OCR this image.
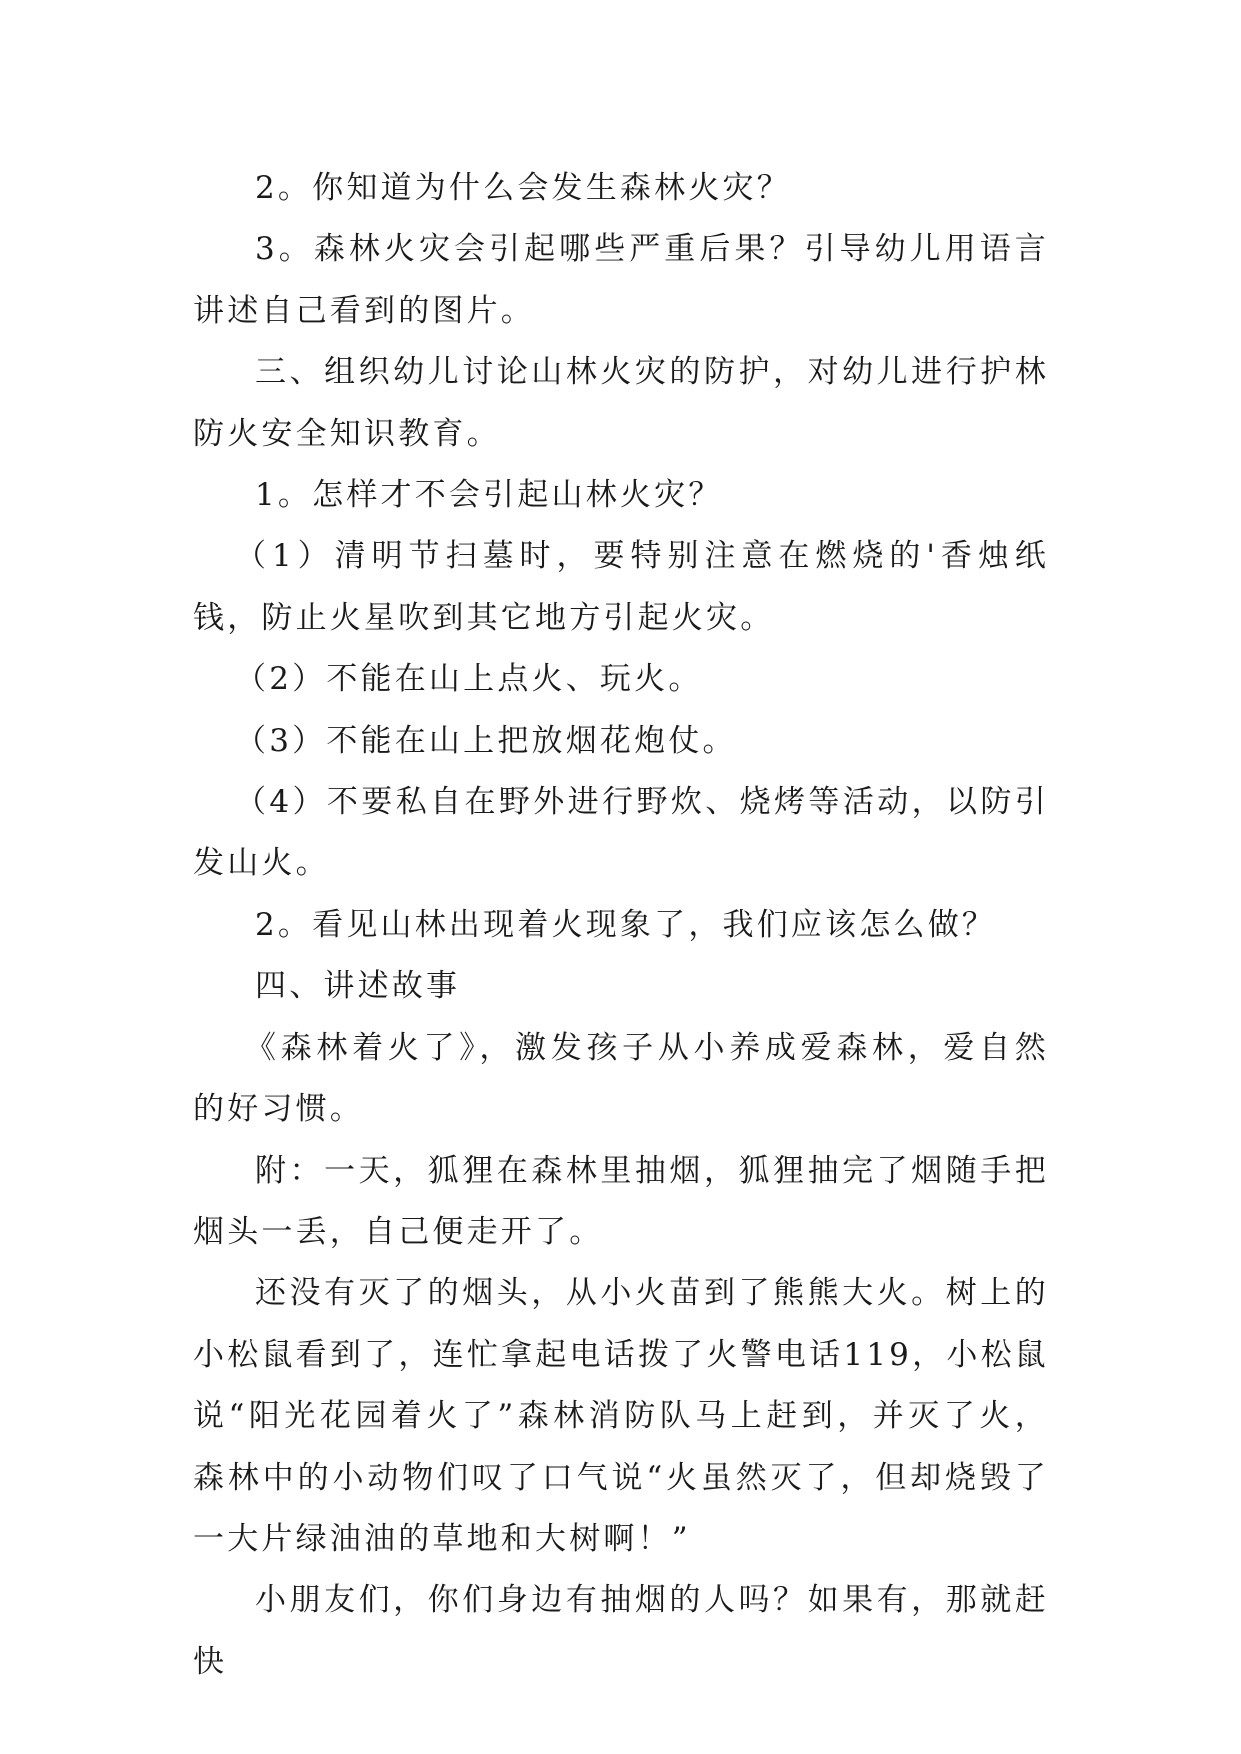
2。你知道为什么会发生森林火灾？

3。森林火灾会引起哪些严重后果？引导幼儿用语言讲述自己看到的图片。

三、组织幼儿讨论山林火灾的防护，对幼儿进行护林防火安全知识教育。

1。怎样才不会引起山林火灾？

（1）清明节扫墓时，要特别注意在燃烧的'香烛纸钱，防止火星吹到其它地方引起火灾。

（2）不能在山上点火、玩火。

（3）不能在山上把放烟花炮仗。

（4）不要私自在野外进行野炊、烧烤等活动，以防引发山火。

2。看见山林出现着火现象了，我们应该怎么做？

四、讲述故事

《森林着火了》，激发孩子从小养成爱森林，爱自然的好习惯。

附：一天，狐狸在森林里抽烟，狐狸抽完了烟随手把烟头一丢，自己便走开了。

还没有灭了的烟头，从小火苗到了熊熊大火。树上的小松鼠看到了，连忙拿起电话拨了火警电话119，小松鼠说“阳光花园着火了”森林消防队马上赶到，并灭了火，森林中的小动物们叹了口气说“火虽然灭了，但却烧毁了一大片绿油油的草地和大树啊！”

小朋友们，你们身边有抽烟的人吗？如果有，那就赶快
